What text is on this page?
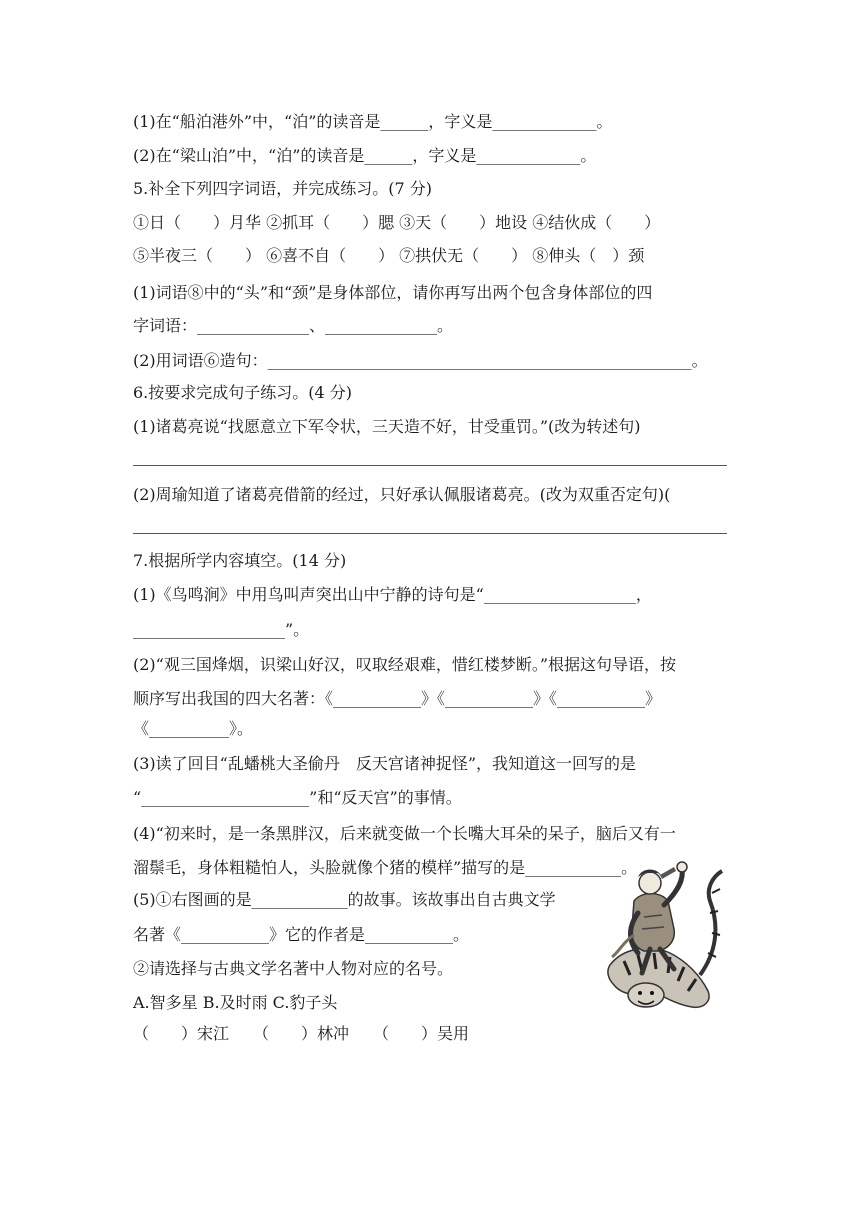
(1)在“船泊港外”中，“泊”的读音是______，字义是_____________。
(2)在“梁山泊”中，“泊”的读音是______，字义是_____________。
5.补全下列四字词语，并完成练习。(7 分)
①日（　　）月华 ②抓耳（　　）腮 ③天（　　）地设 ④结伙成（　　）
⑤半夜三（　　） ⑥喜不自（　　） ⑦拱伏无（　　） ⑧伸头（　）颈
(1)词语⑧中的“头”和“颈”是身体部位，请你再写出两个包含身体部位的四
字词语：______________、______________。
(2)用词语⑥造句：_____________________________________________________。
6.按要求完成句子练习。(4 分)
(1)诸葛亮说“找愿意立下军令状，三天造不好，甘受重罚。”(改为转述句)
(2)周瑜知道了诸葛亮借箭的经过，只好承认佩服诸葛亮。(改为双重否定句)(
7.根据所学内容填空。(14 分)
(1)《鸟鸣涧》中用鸟叫声突出山中宁静的诗句是“___________________，
___________________”。
(2)“观三国烽烟，识梁山好汉，叹取经艰难，惜红楼梦断。”根据这句导语，按
顺序写出我国的四大名著：《___________》《___________》《___________》
《__________》。
(3)读了回目“乱蟠桃大圣偷丹　反天宫诸神捉怪”，我知道这一回写的是
“_____________________”和“反天宫”的事情。
(4)“初来时，是一条黑胖汉，后来就变做一个长嘴大耳朵的呆子，脑后又有一
溜鬃毛，身体粗糙怕人，头脸就像个猪的模样”描写的是____________。
(5)①右图画的是____________的故事。该故事出自古典文学
名著《___________》它的作者是___________。
②请选择与古典文学名著中人物对应的名号。
A.智多星 B.及时雨 C.豹子头
（　　）宋江　　（　　）林冲　　（　　）吴用
